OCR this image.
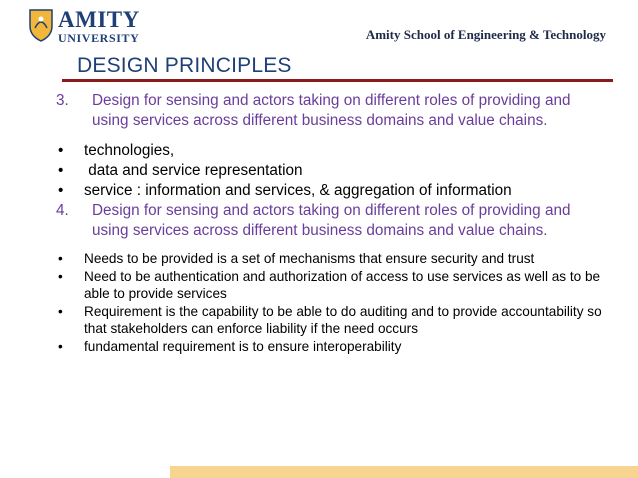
AMITY
UNIVERSITY	Amity School of Engineering & Technology
DESIGN PRINCIPLES
3. Design for sensing and actors taking on different roles of providing and using services across different business domains and value chains.
• technologies,
• data and service representation
• service : information and services, & aggregation of information
4. Design for sensing and actors taking on different roles of providing and using services across different business domains and value chains.
• Needs to be provided is a set of mechanisms that ensure security and trust
• Need to be authentication and authorization of access to use services as well as to be able to provide services
• Requirement is the capability to be able to do auditing and to provide accountability so that stakeholders can enforce liability if the need occurs
• fundamental requirement is to ensure interoperability
